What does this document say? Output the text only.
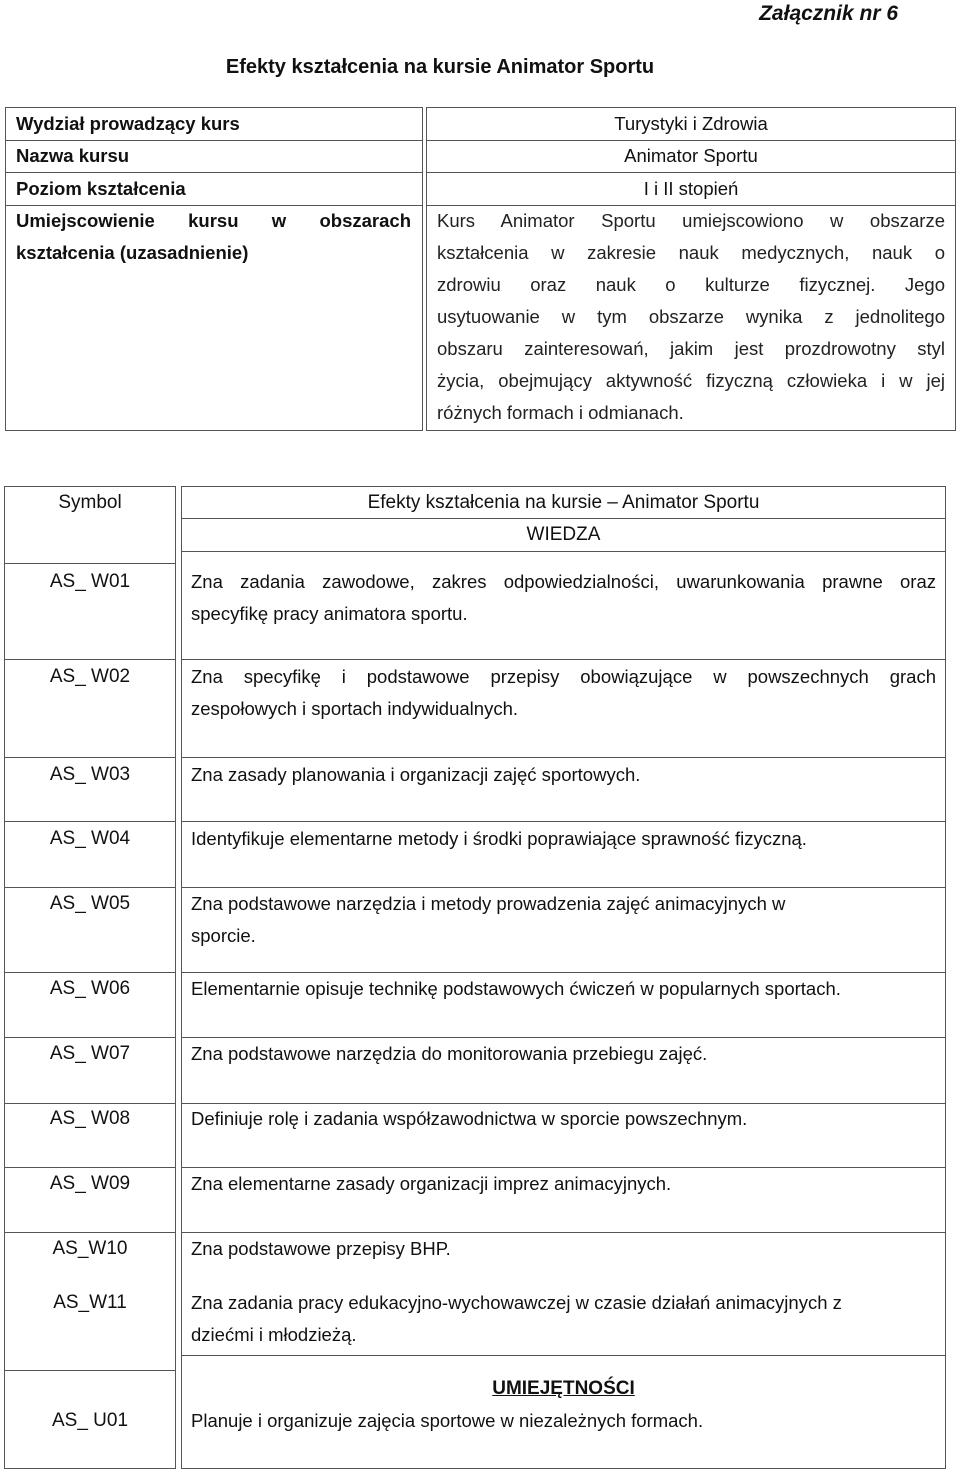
Załącznik nr 6
Efekty kształcenia na kursie Animator Sportu
Wydział prowadzący kurs
Nazwa kursu
Poziom kształcenia
Umiejscowienie kursu w obszarach
kształcenia (uzasadnienie)
Turystyki i Zdrowia
Animator Sportu
I i II stopień
Kurs Animator Sportu umiejscowiono w obszarze
kształcenia w zakresie nauk medycznych, nauk o
zdrowiu oraz nauk o kulturze fizycznej. Jego
usytuowanie w tym obszarze wynika z jednolitego
obszaru zainteresowań, jakim jest prozdrowotny styl
życia, obejmujący aktywność fizyczną człowieka i w jej
różnych formach i odmianach.
Symbol
AS_ W01
AS_ W02
AS_ W03
AS_ W04
AS_ W05
AS_ W06
AS_ W07
AS_ W08
AS_ W09
AS_W10
AS_W11
AS_ U01
Efekty kształcenia na kursie – Animator Sportu
WIEDZA
Zna zadania zawodowe, zakres odpowiedzialności, uwarunkowania prawne oraz
specyfikę pracy animatora sportu.
Zna specyfikę i podstawowe przepisy obowiązujące w powszechnych grach
zespołowych i sportach indywidualnych.
Zna zasady planowania i organizacji zajęć sportowych.
Identyfikuje elementarne metody i środki poprawiające sprawność fizyczną.
Zna podstawowe narzędzia i metody prowadzenia zajęć animacyjnych w
sporcie.
Elementarnie opisuje technikę podstawowych ćwiczeń w popularnych sportach.
Zna podstawowe narzędzia do monitorowania przebiegu zajęć.
Definiuje rolę i zadania współzawodnictwa w sporcie powszechnym.
Zna elementarne zasady organizacji imprez animacyjnych.
Zna podstawowe przepisy BHP.
Zna zadania pracy edukacyjno-wychowawczej w czasie działań animacyjnych z
dziećmi i młodzieżą.
UMIEJĘTNOŚCI
Planuje i organizuje zajęcia sportowe w niezależnych formach.
